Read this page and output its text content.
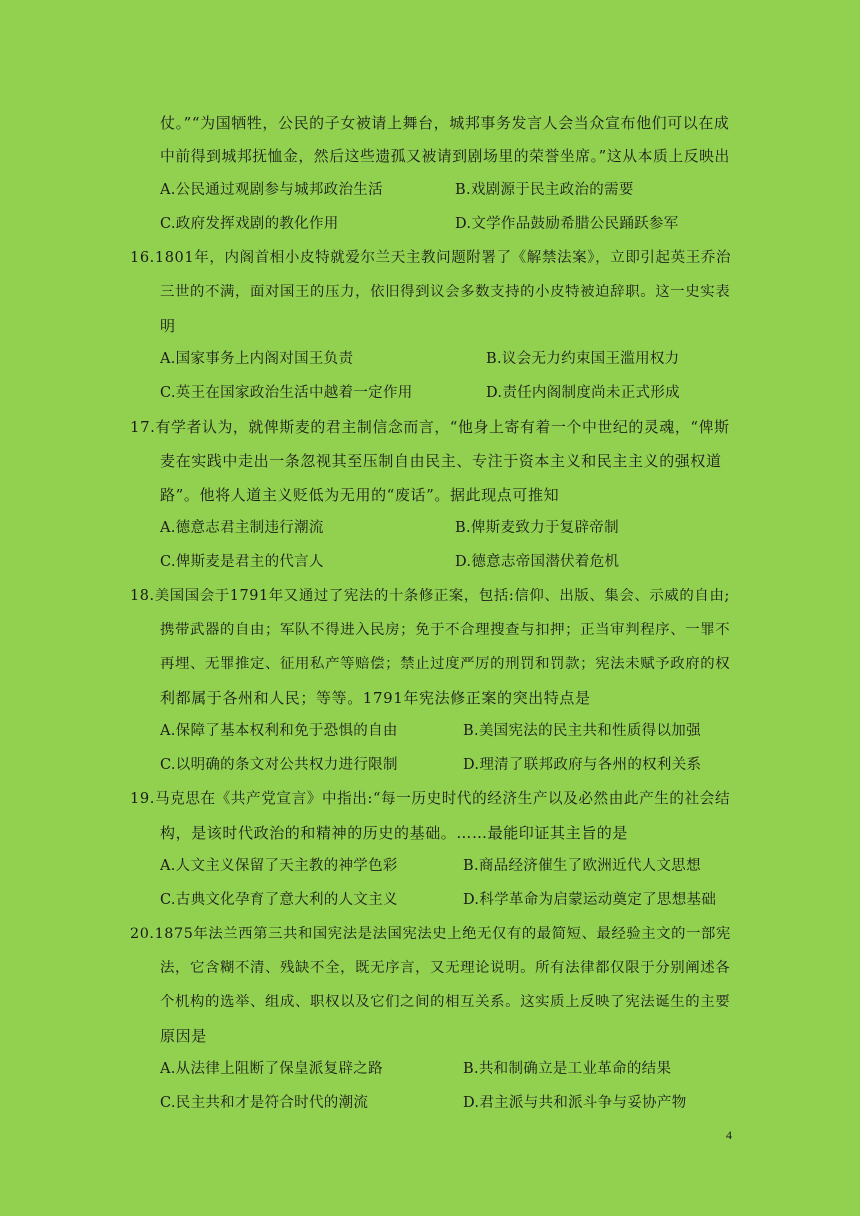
仗。”“为国牺牲，公民的子女被请上舞台，城邦事务发言人会当众宣布他们可以在成
中前得到城邦抚恤金，然后这些遗孤又被请到剧场里的荣誉坐席。”这从本质上反映出
A.公民通过观剧参与城邦政治生活	B.戏剧源于民主政治的需要
C.政府发挥戏剧的教化作用	D.文学作品鼓励希腊公民踊跃参军
16.1801年，内阁首相小皮特就爱尔兰天主教问题附署了《解禁法案》，立即引起英王乔治
三世的不满，面对国王的压力，依旧得到议会多数支持的小皮特被迫辞职。这一史实表
明
A.国家事务上内阁对国王负责	B.议会无力约束国王滥用权力
C.英王在国家政治生活中越着一定作用	D.责任内阁制度尚未正式形成
17.有学者认为，就俾斯麦的君主制信念而言，“他身上寄有着一个中世纪的灵魂，“俾斯
麦在实践中走出一条忽视其至压制自由民主、专注于资本主义和民主主义的强权道
路”。他将人道主义贬低为无用的“废话”。据此现点可推知
A.德意志君主制违行潮流	B.俾斯麦致力于复辟帝制
C.俾斯麦是君主的代言人	D.德意志帝国潜伏着危机
18.美国国会于1791年又通过了宪法的十条修正案，包括:信仰、出版、集会、示威的自由;
携带武器的自由；军队不得进入民房；免于不合理搜查与扣押；正当审判程序、一罪不
再埋、无罪推定、征用私产等赔偿；禁止过度严厉的刑罚和罚款；宪法未赋予政府的权
利都属于各州和人民；等等。1791年宪法修正案的突出特点是
A.保障了基本权利和免于恐惧的自由	B.美国宪法的民主共和性质得以加强
C.以明确的条文对公共权力进行限制	D.理清了联邦政府与各州的权利关系
19.马克思在《共产党宣言》中指出:“每一历史时代的经济生产以及必然由此产生的社会结
构，是该时代政治的和精神的历史的基础。……最能印证其主旨的是
A.人文主义保留了天主教的神学色彩	B.商品经济催生了欧洲近代人文思想
C.古典文化孕育了意大利的人文主义	D.科学革命为启蒙运动奠定了思想基础
20.1875年法兰西第三共和国宪法是法国宪法史上绝无仅有的最简短、最经验主文的一部宪
法，它含糊不清、残缺不全，既无序言，又无理论说明。所有法律都仅限于分别阐述各
个机构的选举、组成、职权以及它们之间的相互关系。这实质上反映了宪法诞生的主要
原因是
A.从法律上阻断了保皇派复辟之路	B.共和制确立是工业革命的结果
C.民主共和才是符合时代的潮流	D.君主派与共和派斗争与妥协产物
4
